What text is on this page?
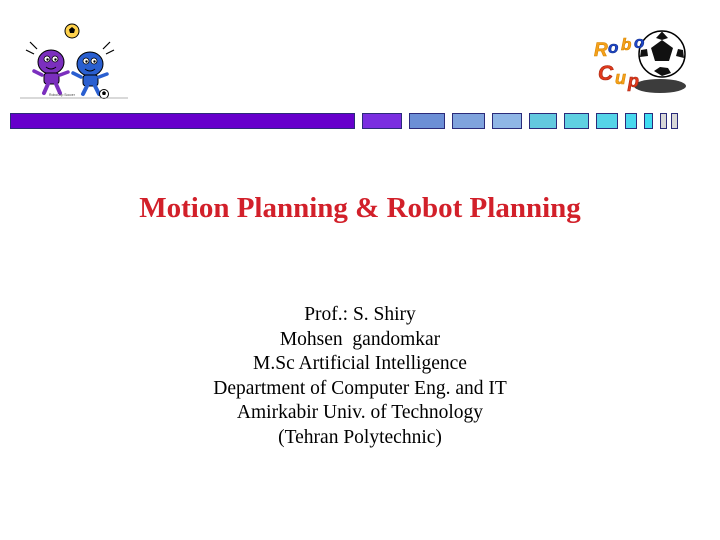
RoboCup Soccer
R o b o
C u p
Motion Planning & Robot Planning
Prof.: S. Shiry
Mohsen  gandomkar
M.Sc Artificial Intelligence
Department of Computer Eng. and IT
Amirkabir Univ. of Technology
(Tehran Polytechnic)
